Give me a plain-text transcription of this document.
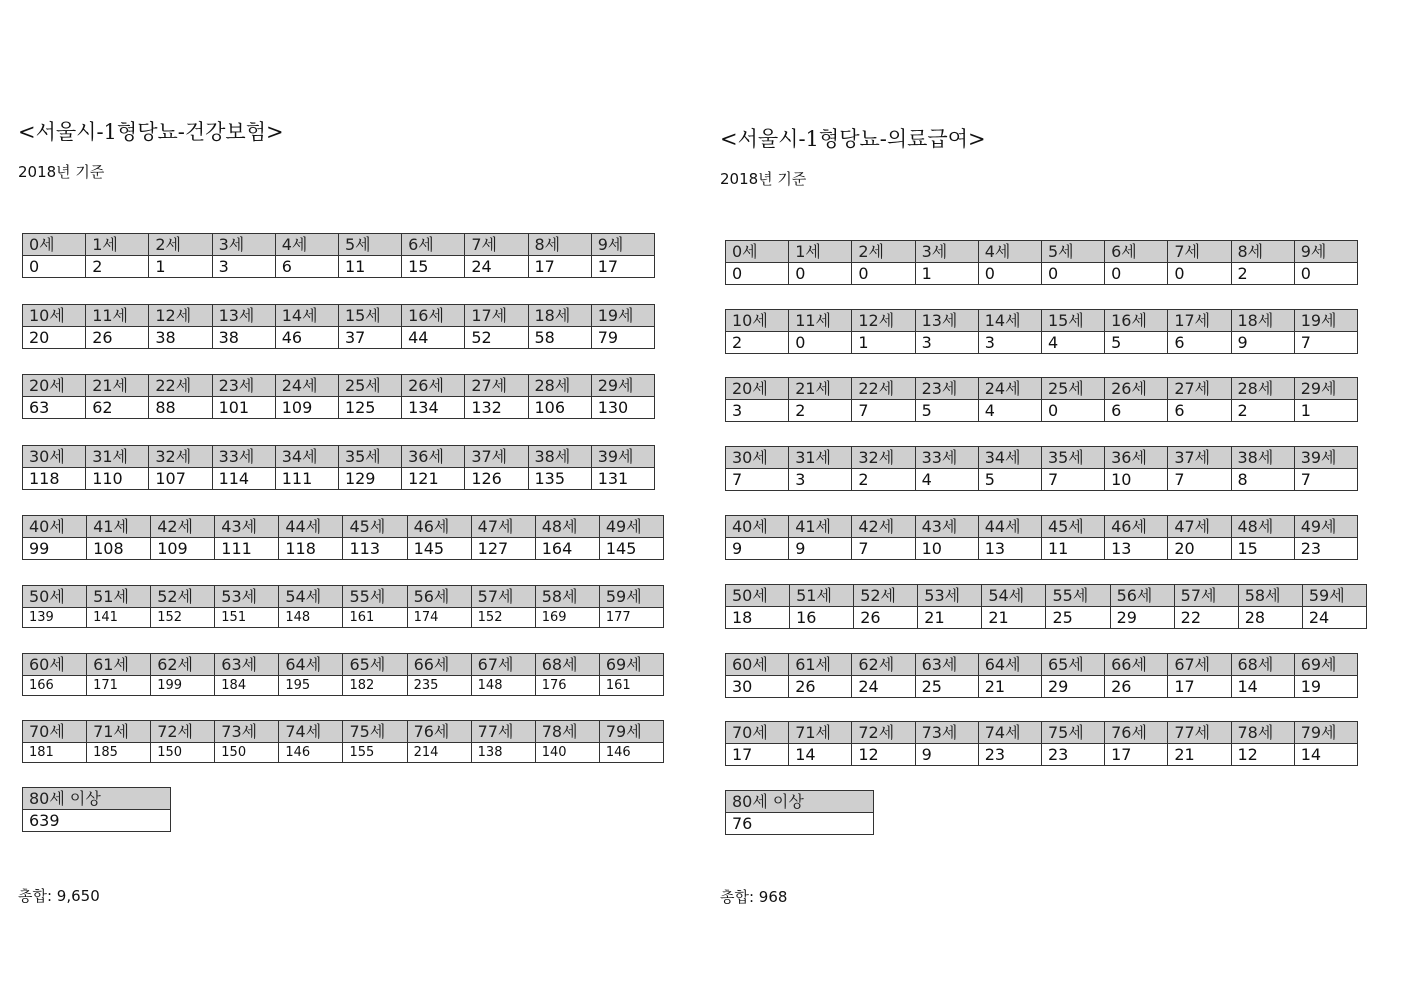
<서울시-1형당뇨-건강보험>
2018년 기준
0세	1세	2세	3세	4세	5세	6세	7세	8세	9세
0	2	1	3	6	11	15	24	17	17
10세	11세	12세	13세	14세	15세	16세	17세	18세	19세
20	26	38	38	46	37	44	52	58	79
20세	21세	22세	23세	24세	25세	26세	27세	28세	29세
63	62	88	101	109	125	134	132	106	130
30세	31세	32세	33세	34세	35세	36세	37세	38세	39세
118	110	107	114	111	129	121	126	135	131
40세	41세	42세	43세	44세	45세	46세	47세	48세	49세
99	108	109	111	118	113	145	127	164	145
50세	51세	52세	53세	54세	55세	56세	57세	58세	59세
139	141	152	151	148	161	174	152	169	177
60세	61세	62세	63세	64세	65세	66세	67세	68세	69세
166	171	199	184	195	182	235	148	176	161
70세	71세	72세	73세	74세	75세	76세	77세	78세	79세
181	185	150	150	146	155	214	138	140	146
80세 이상
639
총합: 9,650
<서울시-1형당뇨-의료급여>
2018년 기준
0세	1세	2세	3세	4세	5세	6세	7세	8세	9세
0	0	0	1	0	0	0	0	2	0
10세	11세	12세	13세	14세	15세	16세	17세	18세	19세
2	0	1	3	3	4	5	6	9	7
20세	21세	22세	23세	24세	25세	26세	27세	28세	29세
3	2	7	5	4	0	6	6	2	1
30세	31세	32세	33세	34세	35세	36세	37세	38세	39세
7	3	2	4	5	7	10	7	8	7
40세	41세	42세	43세	44세	45세	46세	47세	48세	49세
9	9	7	10	13	11	13	20	15	23
50세	51세	52세	53세	54세	55세	56세	57세	58세	59세
18	16	26	21	21	25	29	22	28	24
60세	61세	62세	63세	64세	65세	66세	67세	68세	69세
30	26	24	25	21	29	26	17	14	19
70세	71세	72세	73세	74세	75세	76세	77세	78세	79세
17	14	12	9	23	23	17	21	12	14
80세 이상
76
총합: 968
